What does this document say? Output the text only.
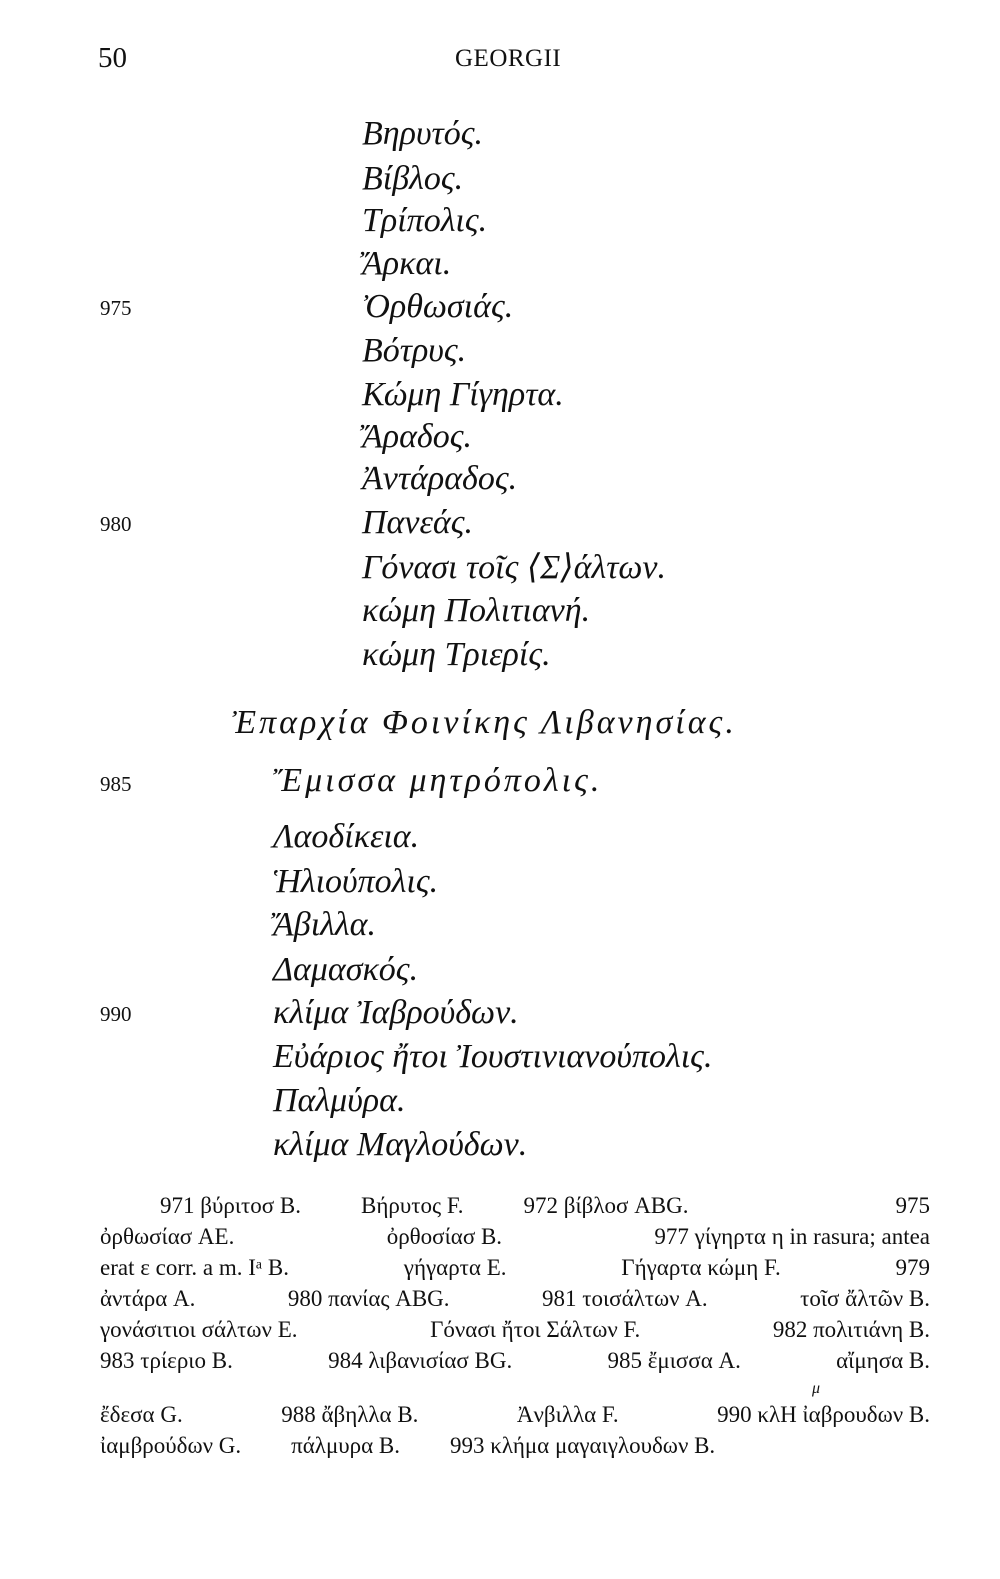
50	GEORGII
Βηρυτός.
Βίβλος.
Τρίπολις.
Ἄρκαι.
975	Ὀρθωσιάς.
Βότρυς.
Κώμη Γίγηρτα.
Ἄραδος.
Ἀντάραδος.
980	Πανεάς.
Γόνασι τοῖς ⟨Σ⟩άλτων.
κώμη Πολιτιανή.
κώμη Τριερίς.
Ἐπαρχία Φοινίκης Λιβανησίας.
985	Ἔμισσα μητρόπολις.
Λαοδίκεια.
Ἡλιούπολις.
Ἄβιλλα.
Δαμασκός.
990	κλίμα Ἰαβρούδων.
Εὐάριος ἤτοι Ἰουστινιανούπολις.
Παλμύρα.
κλίμα Μαγλούδων.
971 βύριτοσ B.	Βήρυτος F.	972 βίβλοσ ABG.	975
ὀρθωσίασ AE.	ὀρθοσίασ B.	977 γίγηρτα η in rasura; antea
erat ε corr. a m. Iᵃ B.	γήγαρτα E.	Γήγαρτα κώμη F.	979
ἀντάρα A.	980 πανίας ABG.	981 τοισάλτων A.	τοῖσ ἄλτῶν B.
γονάσιτιοι σάλτων E.	Γόνασι ἤτοι Σάλτων F.	982 πολιτιάνη B.
983 τρίεριο B.	984 λιβανισίασ BG.	985 ἔμισσα A.	αἴμησα B.
μ
ἔδεσα G.	988 ἄβηλλα B.	Ἀνβιλλα F.	990 κλΗ ἰαβρουδων B.
ἰαμβρούδων G. πάλμυρα B. 993 κλήμα μαγαιγλουδων B.
